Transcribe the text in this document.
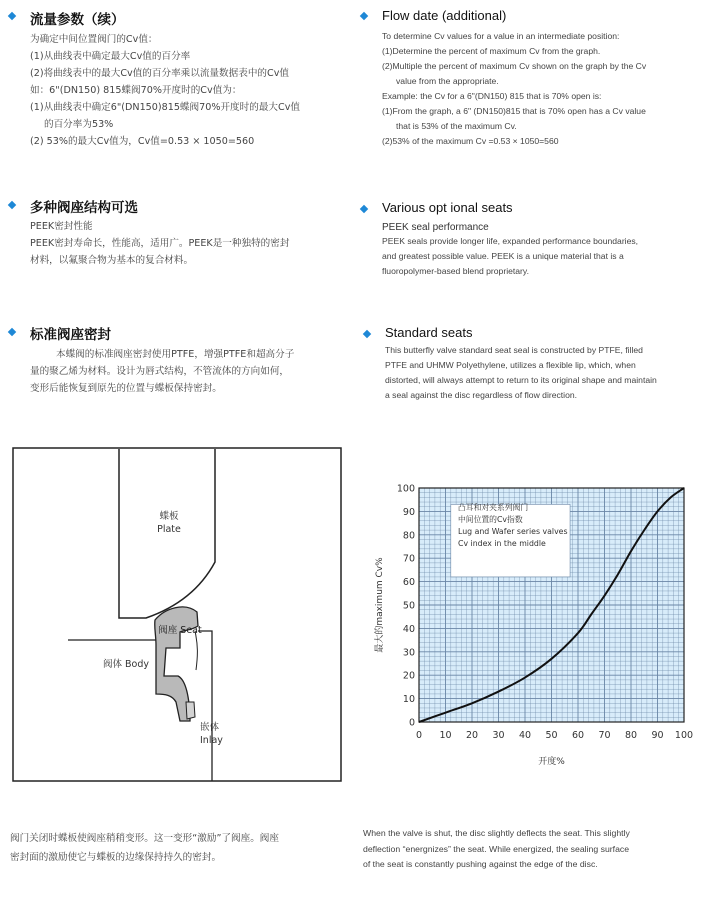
流量参数（续）
为确定中间位置阀门的Cv值：
(1)从曲线表中确定最大Cv值的百分率
(2)将曲线表中的最大Cv值的百分率乘以流量数据表中的Cv值
如：6"(DN150) 815蝶阀70%开度时的Cv值为：
(1)从曲线表中确定6"(DN150)815蝶阀70%开度时的最大Cv值
的百分率为53%
(2) 53%的最大Cv值为，Cv值=0.53 × 1050=560
Flow date (additional)
To determine Cv values for a value in an intermediate position:
(1)Determine the percent of maximum Cv from the graph.
(2)Multiple the percent of maximum Cv shown on the graph by the Cv
value from the appropriate.
Example: the Cv for a 6"(DN150) 815 that is 70% open is:
(1)From the graph, a 6" (DN150)815 that is 70% open has a Cv value
that is 53% of the maximum Cv.
(2)53% of the maximum Cv =0.53 × 1050=560
多种阀座结构可选
PEEK密封性能
PEEK密封寿命长，性能高，适用广。PEEK是一种独特的密封
材料，以氟聚合物为基本的复合材料。
Various opt ional seats
PEEK seal performance
PEEK seals provide longer life, expanded performance boundaries,
and greatest possible value. PEEK is a unique material that is a
fluoropolymer-based blend proprietary.
标准阀座密封
本蝶阀的标准阀座密封使用PTFE，增强PTFE和超高分子
量的聚乙烯为材料。设计为唇式结构，不管流体的方向如何，
变形后能恢复到原先的位置与蝶板保持密封。
Standard seats
This butterfly valve standard seat seal is constructed by PTFE, filled
PTFE and UHMW Polyethylene, utilizes a flexible lip, which, when
distorted, will always attempt to return to its original shape and maintain
a seal against the disc regardless of flow direction.
蝶板
Plate
阀座 Seat
阀体 Body
嵌体
Inlay	0 10 20 30 40 50 60 70 80 90 100
0
10
20
30
40
50
60
70
80
90
100
凸耳和对夹系列阀门
中间位置的Cv指数
Lug and Wafer series valves
Cv index in the middle
最大的maximum Cv%
开度%
阀门关闭时蝶板使阀座稍稍变形。这一变形“激励”了阀座。阀座
密封面的激励使它与蝶板的边缘保持持久的密封。
When the valve is shut, the disc slightly deflects the seat. This slightly
deflection “energnizes” the seat. While energized, the sealing surface
of the seat is constantly pushing against the edge of the disc.
